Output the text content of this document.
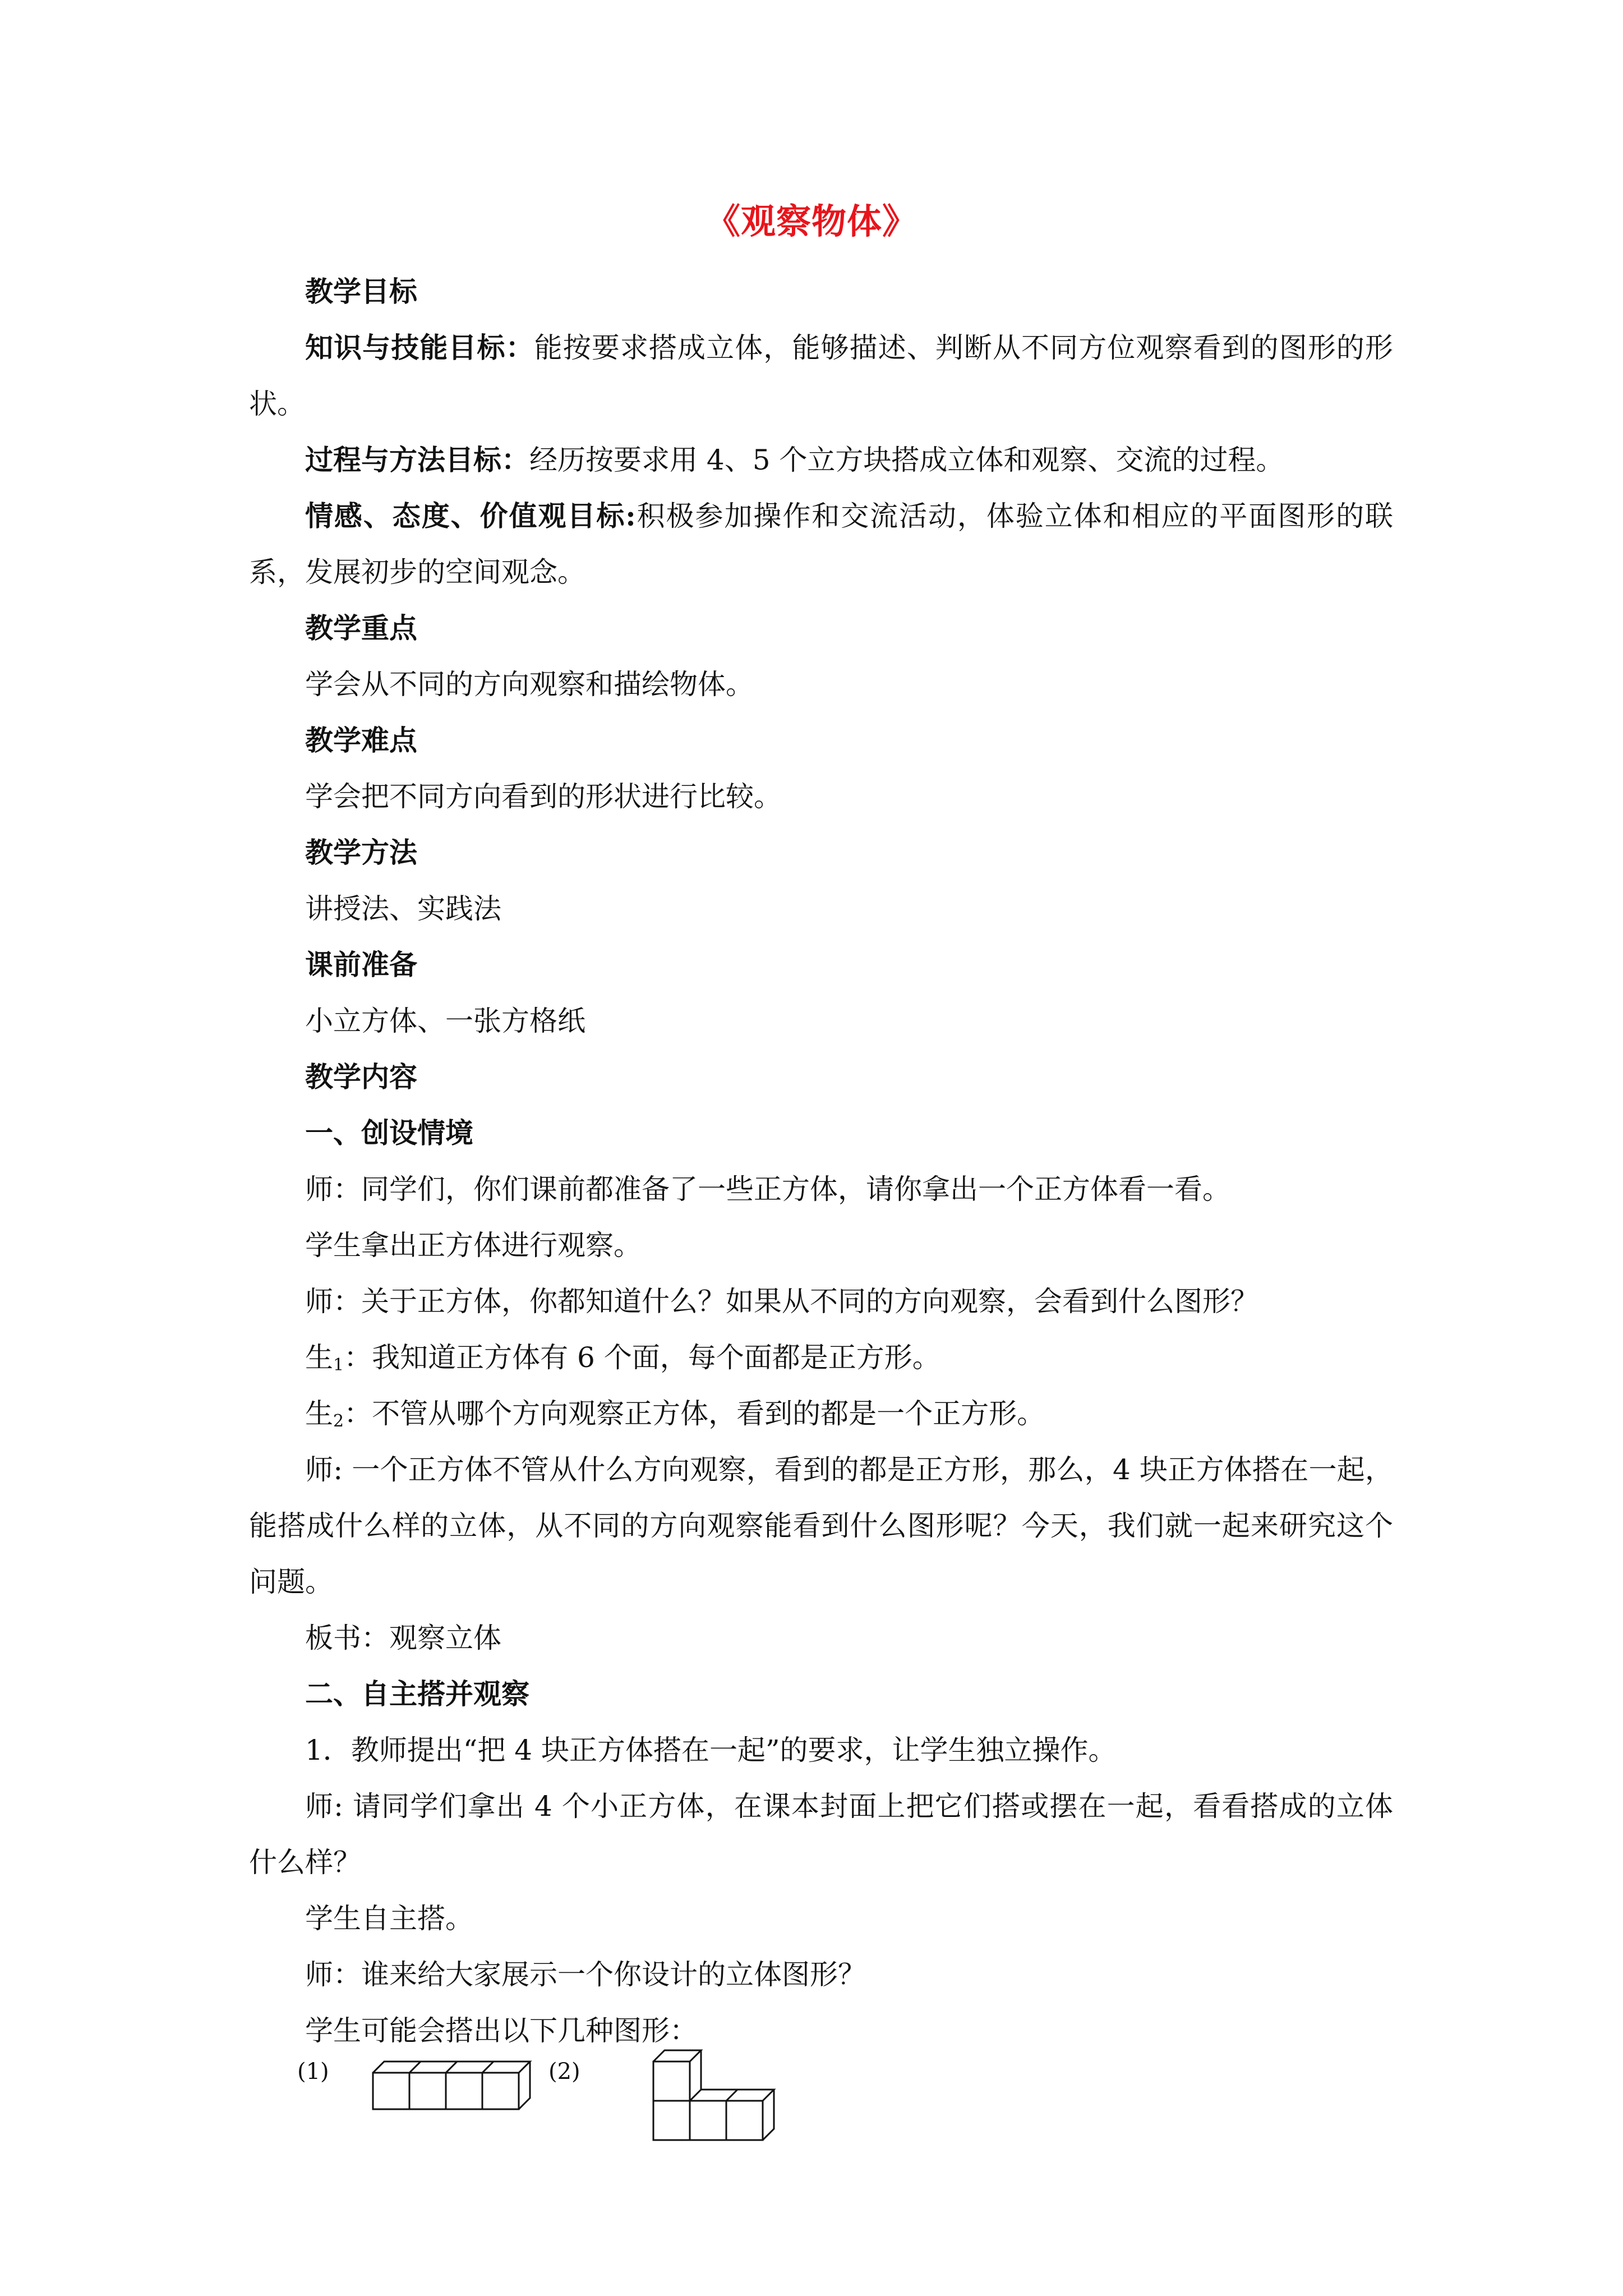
《观察物体》

教学目标

知识与技能目标：能按要求搭成立体，能够描述、判断从不同方位观察看到的图形的形状。

过程与方法目标：经历按要求用 4、5 个立方块搭成立体和观察、交流的过程。

情感、态度、价值观目标:积极参加操作和交流活动，体验立体和相应的平面图形的联系，发展初步的空间观念。

教学重点

学会从不同的方向观察和描绘物体。

教学难点

学会把不同方向看到的形状进行比较。

教学方法

讲授法、实践法

课前准备

小立方体、一张方格纸

教学内容

一、创设情境

师：同学们，你们课前都准备了一些正方体，请你拿出一个正方体看一看。

学生拿出正方体进行观察。

师：关于正方体，你都知道什么？如果从不同的方向观察，会看到什么图形？

生$_1$：我知道正方体有 6 个面，每个面都是正方形。

生$_2$：不管从哪个方向观察正方体，看到的都是一个正方形。

师: 一个正方体不管从什么方向观察，看到的都是正方形，那么，4 块正方体搭在一起，能搭成什么样的立体，从不同的方向观察能看到什么图形呢？今天，我们就一起来研究这个问题。

板书：观察立体

二、自主搭并观察

1．教师提出“把 4 块正方体搭在一起”的要求，让学生独立操作。

师: 请同学们拿出 4 个小正方体，在课本封面上把它们搭或摆在一起，看看搭成的立体什么样？

学生自主搭。

师：谁来给大家展示一个你设计的立体图形？

学生可能会搭出以下几种图形：

(1)	(2)
